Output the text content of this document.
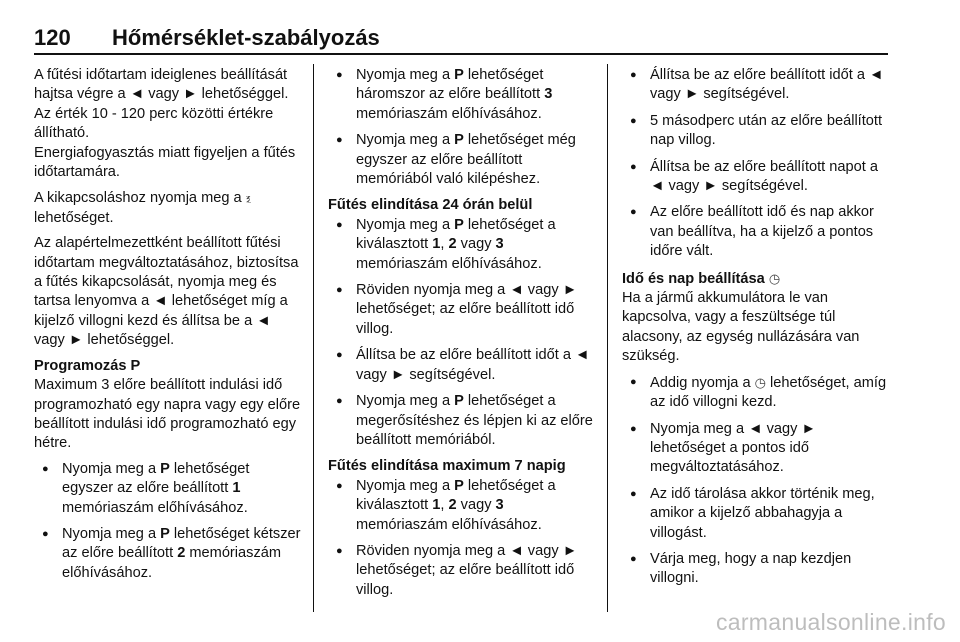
120 Hőmérséklet-szabályozás

A fűtési időtartam ideiglenes beállítását hajtsa végre a ◄ vagy ► lehetőséggel. Az érték 10 - 120 perc közötti értékre állítható.
Energiafogyasztás miatt figyeljen a fűtés időtartamára.

A kikapcsoláshoz nyomja meg a ⲝ lehetőséget.

Az alapértelmezettként beállított fűtési időtartam megváltoztatásához, biztosítsa a fűtés kikapcsolását, nyomja meg és tartsa lenyomva a ◄ lehetőséget míg a kijelző villogni kezd és állítsa be a ◄ vagy ► lehetőséggel.

Programozás P

Maximum 3 előre beállított indulási idő programozható egy napra vagy egy előre beállított indulási idő programozható egy hétre.

● Nyomja meg a P lehetőséget egyszer az előre beállított 1 memóriaszám előhívásához.
● Nyomja meg a P lehetőséget kétszer az előre beállított 2 memóriaszám előhívásához.
● Nyomja meg a P lehetőséget háromszor az előre beállított 3 memóriaszám előhívásához.
● Nyomja meg a P lehetőséget még egyszer az előre beállított memóriából való kilépéshez.

Fűtés elindítása 24 órán belül

● Nyomja meg a P lehetőséget a kiválasztott 1, 2 vagy 3 memóriaszám előhívásához.
● Röviden nyomja meg a ◄ vagy ► lehetőséget; az előre beállított idő villog.
● Állítsa be az előre beállított időt a ◄ vagy ► segítségével.
● Nyomja meg a P lehetőséget a megerősítéshez és lépjen ki az előre beállított memóriából.

Fűtés elindítása maximum 7 napig

● Nyomja meg a P lehetőséget a kiválasztott 1, 2 vagy 3 memóriaszám előhívásához.
● Röviden nyomja meg a ◄ vagy ► lehetőséget; az előre beállított idő villog.
● Állítsa be az előre beállított időt a ◄ vagy ► segítségével.
● 5 másodperc után az előre beállított nap villog.
● Állítsa be az előre beállított napot a ◄ vagy ► segítségével.
● Az előre beállított idő és nap akkor van beállítva, ha a kijelző a pontos időre vált.

Idő és nap beállítása ◷

Ha a jármű akkumulátora le van kapcsolva, vagy a feszültsége túl alacsony, az egység nullázására van szükség.

● Addig nyomja a ◷ lehetőséget, amíg az idő villogni kezd.
● Nyomja meg a ◄ vagy ► lehetőséget a pontos idő megváltoztatásához.
● Az idő tárolása akkor történik meg, amikor a kijelző abbahagyja a villogást.
● Várja meg, hogy a nap kezdjen villogni.
carmanualsonline.info
